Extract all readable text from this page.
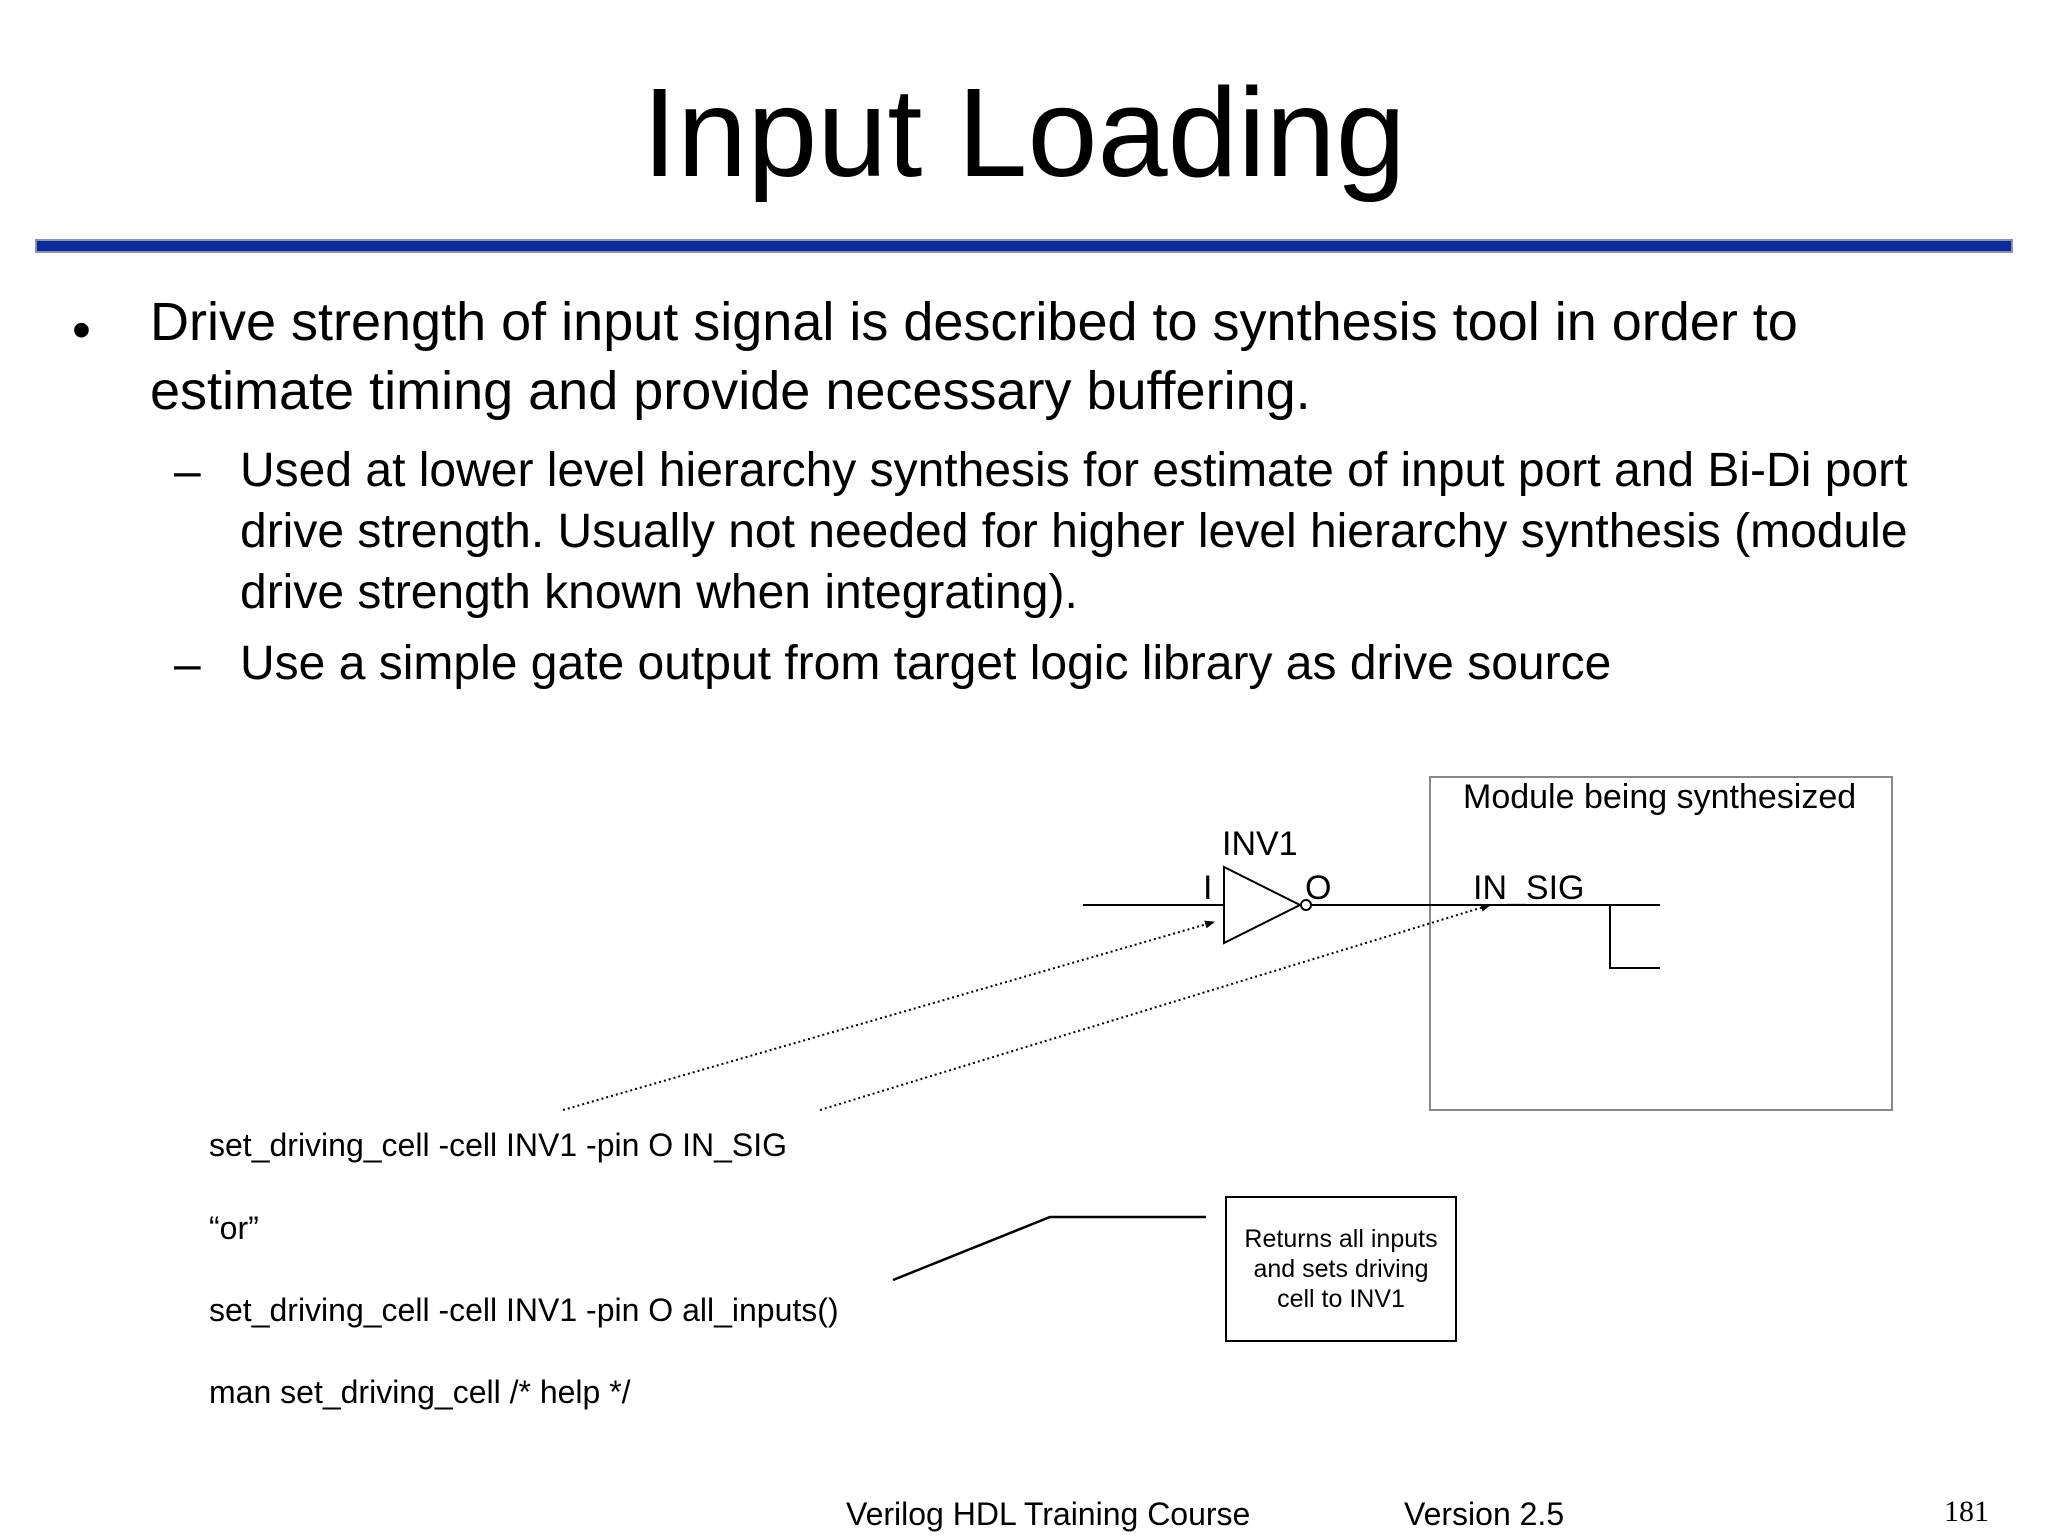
Input Loading
• Drive strength of input signal is described to synthesis tool in order to estimate timing and provide necessary buffering.
– Used at lower level hierarchy synthesis for estimate of input port and Bi-Di port drive strength. Usually not needed for higher level hierarchy synthesis (module drive strength known when integrating).
– Use a simple gate output from target logic library as drive source
Module being synthesized
INV1
I	O	IN_SIG
set_driving_cell -cell INV1 -pin O IN_SIG
“or”
set_driving_cell -cell INV1 -pin O all_inputs()
man set_driving_cell /* help */
Returns all inputs and sets driving cell to INV1
Verilog HDL Training Course	Version 2.5	181
